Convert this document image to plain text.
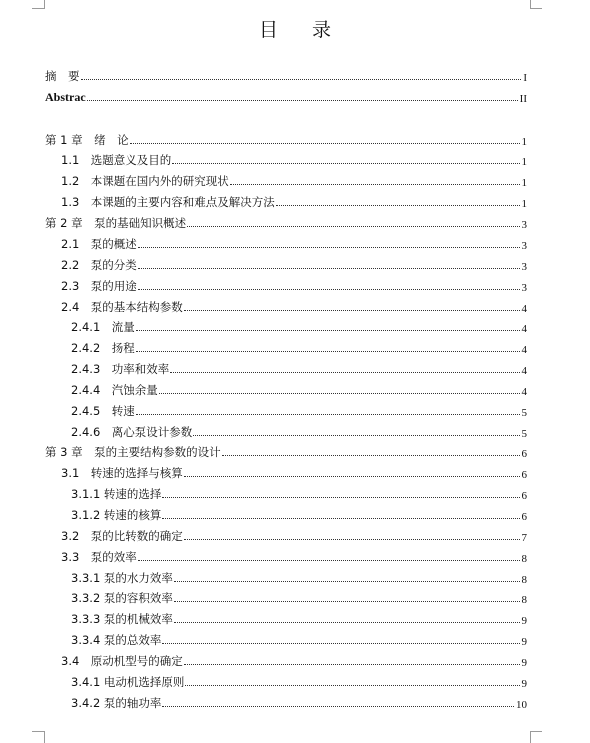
目 录
摘　要	I
Abstrac	II
第 1 章　绪　论	1
1.1　选题意义及目的	1
1.2　本课题在国内外的研究现状	1
1.3　本课题的主要内容和难点及解决方法	1
第 2 章　泵的基础知识概述	3
2.1　泵的概述	3
2.2　泵的分类	3
2.3　泵的用途	3
2.4　泵的基本结构参数	4
2.4.1　流量	4
2.4.2　扬程	4
2.4.3　功率和效率	4
2.4.4　汽蚀余量	4
2.4.5　转速	5
2.4.6　离心泵设计参数	5
第 3 章　泵的主要结构参数的设计	6
3.1　转速的选择与核算	6
3.1.1 转速的选择	6
3.1.2 转速的核算	6
3.2　泵的比转数的确定	7
3.3　泵的效率	8
3.3.1 泵的水力效率	8
3.3.2 泵的容积效率	8
3.3.3 泵的机械效率	9
3.3.4 泵的总效率	9
3.4　原动机型号的确定	9
3.4.1 电动机选择原则	9
3.4.2 泵的轴功率	10
